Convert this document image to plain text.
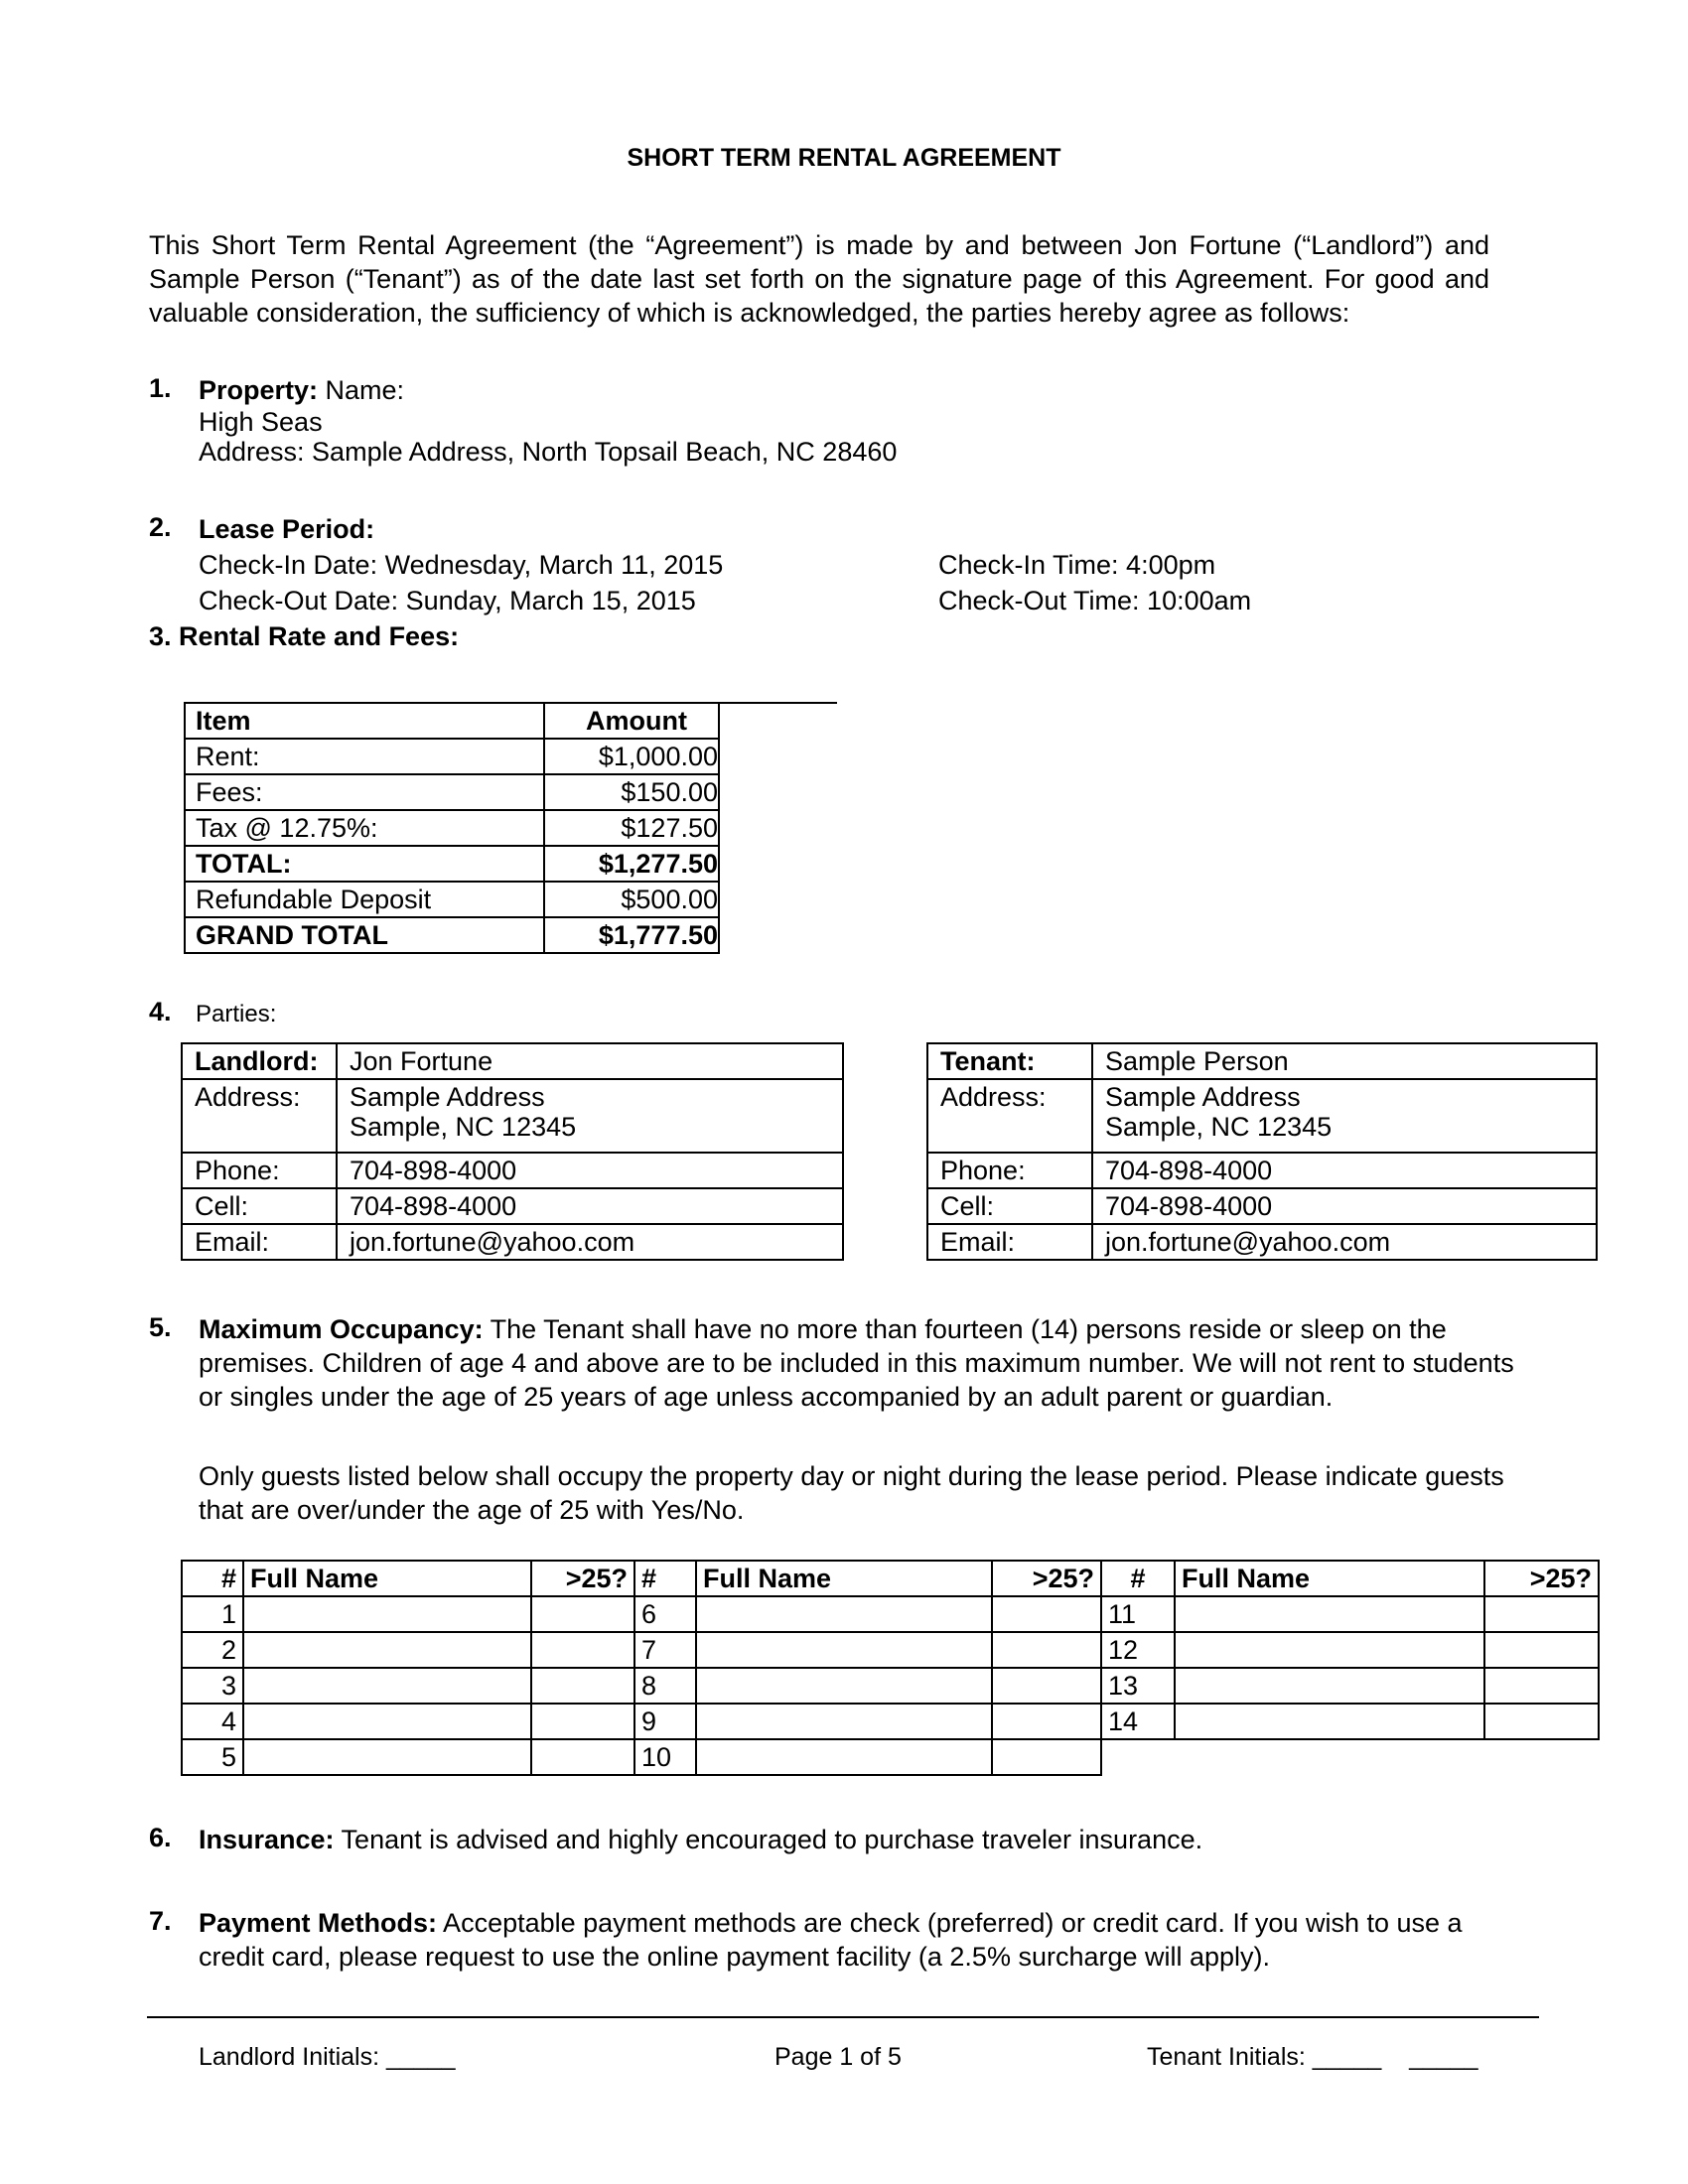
SHORT TERM RENTAL AGREEMENT
This Short Term Rental Agreement (the “Agreement”) is made by and between Jon Fortune (“Landlord”) and Sample Person (“Tenant”) as of the date last set forth on the signature page of this Agreement. For good and valuable consideration, the sufficiency of which is acknowledged, the parties hereby agree as follows:
1. Property: Name:
High Seas
Address: Sample Address, North Topsail Beach, NC 28460
2. Lease Period:
Check-In Date: Wednesday, March 11, 2015
Check-Out Date: Sunday, March 15, 2015
Check-In Time: 4:00pm
Check-Out Time: 10:00am
3. Rental Rate and Fees:
Item	Amount
Rent:	$1,000.00
Fees:	$150.00
Tax @ 12.75%:	$127.50
TOTAL:	$1,277.50
Refundable Deposit	$500.00
GRAND TOTAL	$1,777.50
4. Parties:
Landlord:	Jon Fortune
Address:	Sample Address
Sample, NC 12345

Phone:	704-898-4000
Cell:	704-898-4000
Email:	jon.fortune@yahoo.com
Tenant:	Sample Person
Address:	Sample Address
Sample, NC 12345

Phone:	704-898-4000
Cell:	704-898-4000
Email:	jon.fortune@yahoo.com
5. Maximum Occupancy: The Tenant shall have no more than fourteen (14) persons reside or sleep on the premises. Children of age 4 and above are to be included in this maximum number. We will not rent to students or singles under the age of 25 years of age unless accompanied by an adult parent or guardian.
Only guests listed below shall occupy the property day or night during the lease period. Please indicate guests that are over/under the age of 25 with Yes/No.
#	Full Name	>25?	#	Full Name	>25?	#	Full Name	>25?
1			6			11		
2			7			12		
3			8			13		
4			9			14		
5			10					
6. Insurance: Tenant is advised and highly encouraged to purchase traveler insurance.
7. Payment Methods: Acceptable payment methods are check (preferred) or credit card. If you wish to use a credit card, please request to use the online payment facility (a 2.5% surcharge will apply).
Landlord Initials: _____	Page 1 of 5	Tenant Initials: _____    _____
